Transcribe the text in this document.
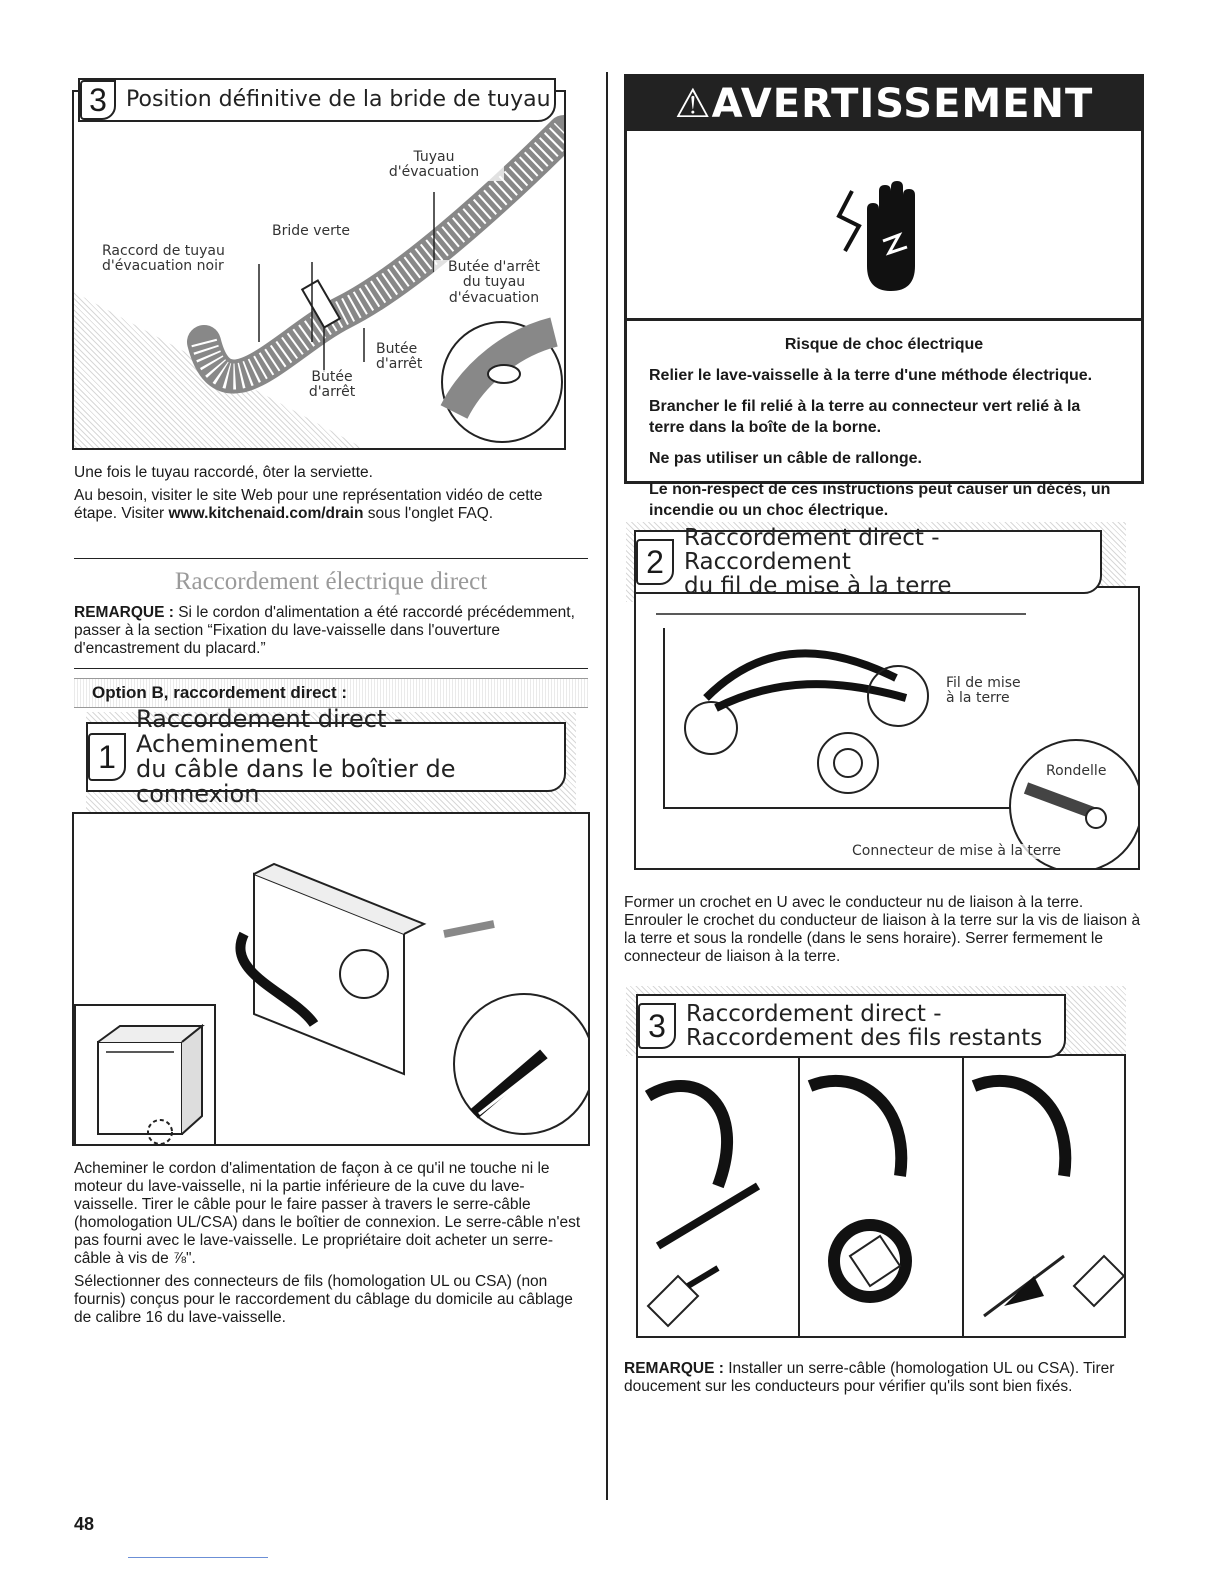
Tuyau
d'évacuation
Bride verte
Raccord de tuyau
d'évacuation noir	Butée d'arrêt
du tuyau
d'évacuation
Butée
d'arrêt
Butée
d'arrêt
3 Position définitive de la bride de tuyau

Une fois le tuyau raccordé, ôter la serviette.

Au besoin, visiter le site Web pour une représentation vidéo de cette étape. Visiter www.kitchenaid.com/drain sous l'onglet FAQ.

Raccordement électrique direct
REMARQUE : Si le cordon d'alimentation a été raccordé précédemment, passer à la section “Fixation du lave-vaisselle dans l'ouverture d'encastrement du placard.”
Option B, raccordement direct :
1
Raccordement direct - Acheminement
du câble dans le boîtier de connexion

Acheminer le cordon d'alimentation de façon à ce qu'il ne touche ni le moteur du lave-vaisselle, ni la partie inférieure de la cuve du lave-vaisselle. Tirer le câble pour le faire passer à travers le serre-câble (homologation UL/CSA) dans le boîtier de connexion. Le serre-câble n'est pas fourni avec le lave-vaisselle. Le propriétaire doit acheter un serre-câble à vis de ⅞".

Sélectionner des connecteurs de fils (homologation UL ou CSA) (non fournis) conçus pour le raccordement du câblage du domicile au câblage de calibre 16 du lave-vaisselle.

⚠ AVERTISSEMENT

Risque de choc électrique

Relier le lave-vaisselle à la terre d'une méthode électrique.

Brancher le fil relié à la terre au connecteur vert relié à la terre dans la boîte de la borne.

Ne pas utiliser un câble de rallonge.

Le non-respect de ces instructions peut causer un décès, un incendie ou un choc électrique.

Fil de mise
à la terre
Rondelle
Connecteur de mise à la terre
2
Raccordement direct - Raccordement
du fil de mise à la terre
Former un crochet en U avec le conducteur nu de liaison à la terre. Enrouler le crochet du conducteur de liaison à la terre sur la vis de liaison à la terre et sous la rondelle (dans le sens horaire). Serrer fermement le connecteur de liaison à la terre.
3 Raccordement direct -
Raccordement des fils restants
REMARQUE : Installer un serre-câble (homologation UL ou CSA). Tirer doucement sur les conducteurs pour vérifier qu'ils sont bien fixés.
48
